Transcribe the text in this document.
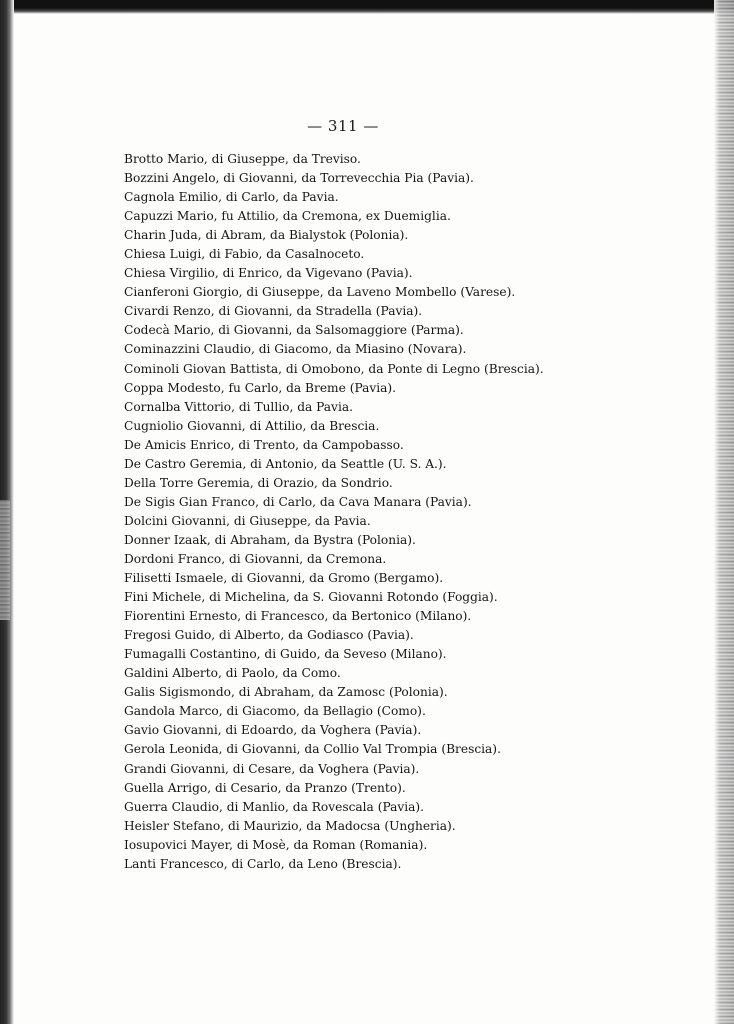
— 311 —
Brotto Mario, di Giuseppe, da Treviso.
Bozzini Angelo, di Giovanni, da Torrevecchia Pia (Pavia).
Cagnola Emilio, di Carlo, da Pavia.
Capuzzi Mario, fu Attilio, da Cremona, ex Duemiglia.
Charin Juda, di Abram, da Bialystok (Polonia).
Chiesa Luigi, di Fabio, da Casalnoceto.
Chiesa Virgilio, di Enrico, da Vigevano (Pavia).
Cianferoni Giorgio, di Giuseppe, da Laveno Mombello (Varese).
Civardi Renzo, di Giovanni, da Stradella (Pavia).
Codecà Mario, di Giovanni, da Salsomaggiore (Parma).
Cominazzini Claudio, di Giacomo, da Miasino (Novara).
Cominoli Giovan Battista, di Omobono, da Ponte di Legno (Brescia).
Coppa Modesto, fu Carlo, da Breme (Pavia).
Cornalba Vittorio, di Tullio, da Pavia.
Cugniolio Giovanni, di Attilio, da Brescia.
De Amicis Enrico, di Trento, da Campobasso.
De Castro Geremia, di Antonio, da Seattle (U. S. A.).
Della Torre Geremia, di Orazio, da Sondrio.
De Sigis Gian Franco, di Carlo, da Cava Manara (Pavia).
Dolcini Giovanni, di Giuseppe, da Pavia.
Donner Izaak, di Abraham, da Bystra (Polonia).
Dordoni Franco, di Giovanni, da Cremona.
Filisetti Ismaele, di Giovanni, da Gromo (Bergamo).
Fini Michele, di Michelina, da S. Giovanni Rotondo (Foggia).
Fiorentini Ernesto, di Francesco, da Bertonico (Milano).
Fregosi Guido, di Alberto, da Godiasco (Pavia).
Fumagalli Costantino, di Guido, da Seveso (Milano).
Galdini Alberto, di Paolo, da Como.
Galis Sigismondo, di Abraham, da Zamosc (Polonia).
Gandola Marco, di Giacomo, da Bellagio (Como).
Gavio Giovanni, di Edoardo, da Voghera (Pavia).
Gerola Leonida, di Giovanni, da Collio Val Trompia (Brescia).
Grandi Giovanni, di Cesare, da Voghera (Pavia).
Guella Arrigo, di Cesario, da Pranzo (Trento).
Guerra Claudio, di Manlio, da Rovescala (Pavia).
Heisler Stefano, di Maurizio, da Madocsa (Ungheria).
Iosupovici Mayer, di Mosè, da Roman (Romania).
Lanti Francesco, di Carlo, da Leno (Brescia).
